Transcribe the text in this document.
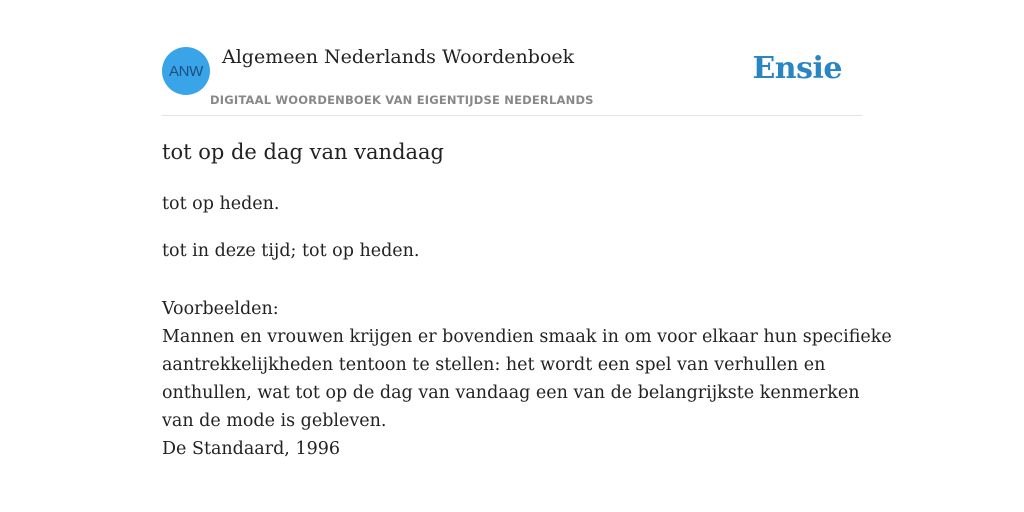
ANW
Algemeen Nederlands Woordenboek
DIGITAAL WOORDENBOEK VAN EIGENTIJDSE NEDERLANDS
Ensie
tot op de dag van vandaag

tot op heden.

tot in deze tijd; tot op heden.

Voorbeelden:
Mannen en vrouwen krijgen er bovendien smaak in om voor elkaar hun specifieke
aantrekkelijkheden tentoon te stellen: het wordt een spel van verhullen en
onthullen, wat tot op de dag van vandaag een van de belangrijkste kenmerken
van de mode is gebleven.
De Standaard, 1996
